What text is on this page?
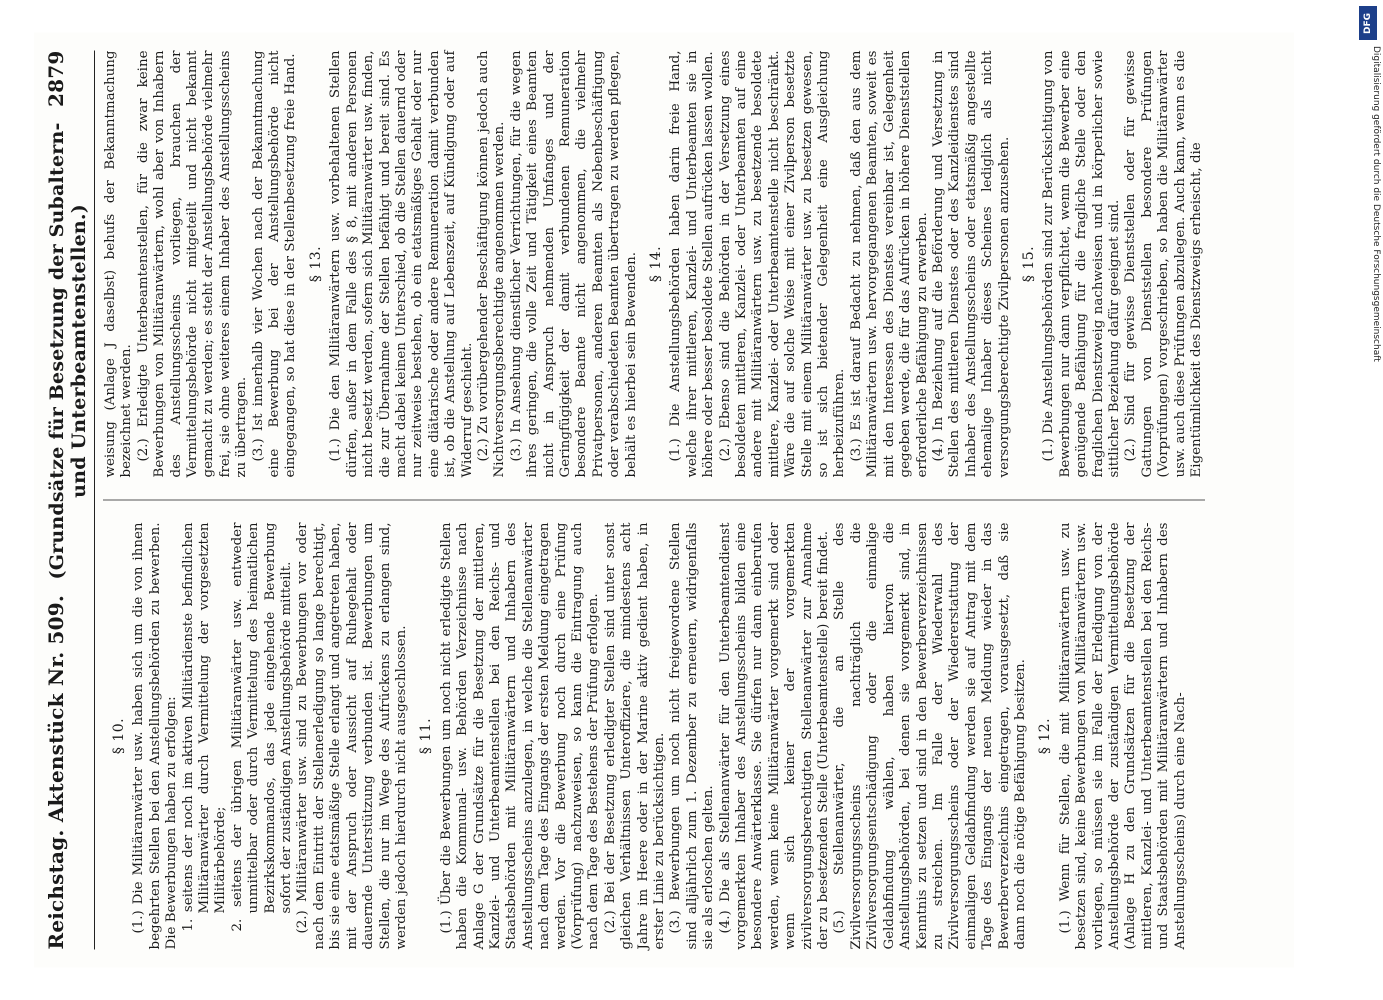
Reichstag. Aktenstück Nr. 509.
(Grundsätze für Besetzung der Subaltern- und Unterbeamtenstellen.)
2879
§ 10. (1.) Die Militäranwärter usw. haben sich um die von ihnen begehrten Stellen bei den Anstellungsbehörden zu bewerben. Die Bewerbungen haben zu erfolgen: 1. seitens der noch im aktiven Militärdienste befindlichen Militäranwärter durch Vermittelung der vorgesetzten Militärbehörde; 2. seitens der übrigen Militäranwärter usw. entweder unmittelbar oder durch Vermittelung des heimatlichen Bezirkskommandos, das jede eingehende Bewerbung sofort der zuständigen Anstellungsbehörde mitteilt. (2.) Militäranwärter usw. sind zu Bewerbungen vor oder nach dem Eintritt der Stellenerledigung so lange berechtigt, bis sie eine etatsmäßige Stelle erlangt und angetreten haben, mit der Anspruch oder Aussicht auf Ruhegehalt oder dauernde Unterstützung verbunden ist. Bewerbungen um Stellen, die nur im Wege des Aufrückens zu erlangen sind, werden jedoch hierdurch nicht ausgeschlossen. § 11. (1.) Über die Bewerbungen um noch nicht erledigte Stellen haben die Kommunal- usw. Behörden Verzeichnisse nach Anlage G der Grundsätze für die Besetzung der mittleren, Kanzlei- und Unterbeamtenstellen bei den Reichs- und Staatsbehörden mit Militäranwärtern und Inhabern des Anstellungsscheins anzulegen, in welche die Stellenanwärter nach dem Tage des Eingangs der ersten Meldung eingetragen werden. Vor die Bewerbung noch durch eine Prüfung (Vorprüfung) nachzuweisen, so kann die Eintragung auch nach dem Tage des Bestehens der Prüfung erfolgen. (2.) Bei der Besetzung erledigter Stellen sind unter sonst gleichen Verhältnissen Unteroffiziere, die mindestens acht Jahre im Heere oder in der Marine aktiv gedient haben, in erster Linie zu berücksichtigen. (3.) Bewerbungen um noch nicht freigewordene Stellen sind alljährlich zum 1. Dezember zu erneuern, widrigenfalls sie als erloschen gelten. (4.) Die als Stellenanwärter für den Unterbeamtendienst vorgemerkten Inhaber des Anstellungsscheins bilden eine besondere Anwärterklasse. Sie dürfen nur dann einberufen werden, wenn keine Militäranwärter vorgemerkt sind oder wenn sich keiner der vorgemerkten zivilversorgungsberechtigten Stellenanwärter zur Annahme der zu besetzenden Stelle (Unterbeamtenstelle) bereit findet. (5.) Stellenanwärter, die an Stelle des Zivilversorgungsscheins nachträglich die Zivilversorgungsentschädigung oder die einmalige Geldabfindung wählen, haben hiervon die Anstellungsbehörden, bei denen sie vorgemerkt sind, in Kenntnis zu setzen und sind in den Bewerberverzeichnissen zu streichen. Im Falle der Wiederwahl des Zivilversorgungsscheins oder der Wiedererstattung der einmaligen Geldabfindung werden sie auf Antrag mit dem Tage des Eingangs der neuen Meldung wieder in das Bewerberverzeichnis eingetragen, vorausgesetzt, daß sie dann noch die nötige Befähigung besitzen. § 12. (1.) Wenn für Stellen, die mit Militäranwärtern usw. zu besetzen sind, keine Bewerbungen von Militäranwärtern usw. vorliegen, so müssen sie im Falle der Erledigung von der Anstellungsbehörde der zuständigen Vermittelungsbehörde (Anlage H zu den Grundsätzen für die Besetzung der mittleren, Kanzlei- und Unterbeamtenstellen bei den Reichs- und Staatsbehörden mit Militäranwärtern und Inhabern des Anstellungsscheins) durch eine Nach-

weisung (Anlage J daselbst) behufs der Bekanntmachung bezeichnet werden. (2.) Erledigte Unterbeamtenstellen, für die zwar keine Bewerbungen von Militäranwärtern, wohl aber von Inhabern des Anstellungsscheins vorliegen, brauchen der Vermittelungsbehörde nicht mitgeteilt und nicht bekannt gemacht zu werden; es steht der Anstellungsbehörde vielmehr frei, sie ohne weiteres einem Inhaber des Anstellungsscheins zu übertragen. (3.) Ist innerhalb vier Wochen nach der Bekanntmachung eine Bewerbung bei der Anstellungsbehörde nicht eingegangen, so hat diese in der Stellenbesetzung freie Hand. § 13. (1.) Die den Militäranwärtern usw. vorbehaltenen Stellen dürfen, außer in dem Falle des § 8, mit anderen Personen nicht besetzt werden, sofern sich Militäranwärter usw. finden, die zur Übernahme der Stellen befähigt und bereit sind. Es macht dabei keinen Unterschied, ob die Stellen dauernd oder nur zeitweise bestehen, ob ein etatsmäßiges Gehalt oder nur eine diätarische oder andere Remuneration damit verbunden ist, ob die Anstellung auf Lebenszeit, auf Kündigung oder auf Widerruf geschieht. (2.) Zu vorübergehender Beschäftigung können jedoch auch Nichtversorgungsberechtigte angenommen werden. (3.) In Ansehung dienstlicher Verrichtungen, für die wegen ihres geringen, die volle Zeit und Tätigkeit eines Beamten nicht in Anspruch nehmenden Umfanges und der Geringfügigkeit der damit verbundenen Remuneration besondere Beamte nicht angenommen, die vielmehr Privatpersonen, anderen Beamten als Nebenbeschäftigung oder verabschiedeten Beamten übertragen zu werden pflegen, behält es hierbei sein Bewenden. § 14. (1.) Die Anstellungsbehörden haben darin freie Hand, welche ihrer mittleren, Kanzlei- und Unterbeamten sie in höhere oder besser besoldete Stellen aufrücken lassen wollen. (2.) Ebenso sind die Behörden in der Versetzung eines besoldeten mittleren, Kanzlei- oder Unterbeamten auf eine andere mit Militäranwärtern usw. zu besetzende besoldete mittlere, Kanzlei- oder Unterbeamtenstelle nicht beschränkt. Wäre die auf solche Weise mit einer Zivilperson besetzte Stelle mit einem Militäranwärter usw. zu besetzen gewesen, so ist sich bietender Gelegenheit eine Ausgleichung herbeizuführen. (3.) Es ist darauf Bedacht zu nehmen, daß den aus dem Militäranwärtern usw. hervorgegangenen Beamten, soweit es mit den Interessen des Dienstes vereinbar ist, Gelegenheit gegeben werde, die für das Aufrücken in höhere Dienststellen erforderliche Befähigung zu erwerben. (4.) In Beziehung auf die Beförderung und Versetzung in Stellen des mittleren Dienstes oder des Kanzleidienstes sind Inhaber des Anstellungsscheins oder etatsmäßig angestellte ehemalige Inhaber dieses Scheines lediglich als nicht versorgungsberechtigte Zivilpersonen anzusehen. § 15. (1.) Die Anstellungsbehörden sind zur Berücksichtigung von Bewerbungen nur dann verpflichtet, wenn die Bewerber eine genügende Befähigung für die fragliche Stelle oder den fraglichen Dienstzweig nachweisen und in körperlicher sowie sittlicher Beziehung dafür geeignet sind. (2.) Sind für gewisse Dienststellen oder für gewisse Gattungen von Dienststellen besondere Prüfungen (Vorprüfungen) vorgeschrieben, so haben die Militäranwärter usw. auch diese Prüfungen abzulegen. Auch kann, wenn es die Eigentümlichkeit des Dienstzweigs erheischt, die

DFG
Digitalisierung gefördert durch die Deutsche Forschungsgemeinschaft
